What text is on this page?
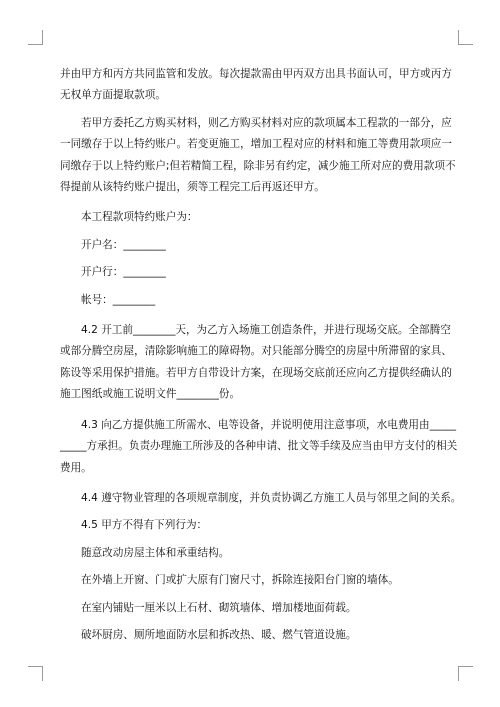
并由甲方和丙方共同监管和发放。每次提款需由甲丙双方出具书面认可，甲方或丙方

无权单方面提取款项。

若甲方委托乙方购买材料，则乙方购买材料对应的款项属本工程款的一部分，应

一同缴存于以上特约账户。若变更施工，增加工程对应的材料和施工等费用款项应一

同缴存于以上特约账户;但若精简工程，除非另有约定，减少施工所对应的费用款项不

得提前从该特约账户提出，须等工程完工后再返还甲方。

本工程款项特约账户为：

开户名：________

开户行：________

帐号：________

4.2 开工前________天，为乙方入场施工创造条件，并进行现场交底。全部腾空

或部分腾空房屋，清除影响施工的障碍物。对只能部分腾空的房屋中所滞留的家具、

陈设等采用保护措施。若甲方自带设计方案，在现场交底前还应向乙方提供经确认的

施工图纸或施工说明文件________份。

4.3 向乙方提供施工所需水、电等设备，并说明使用注意事项，水电费用由_____

_____方承担。负责办理施工所涉及的各种申请、批文等手续及应当由甲方支付的相关

费用。

4.4 遵守物业管理的各项规章制度，并负责协调乙方施工人员与邻里之间的关系。

4.5 甲方不得有下列行为：

随意改动房屋主体和承重结构。

在外墙上开窗、门或扩大原有门窗尺寸，拆除连接阳台门窗的墙体。

在室内铺贴一厘米以上石材、砌筑墙体、增加楼地面荷载。

破坏厨房、厕所地面防水层和拆改热、暖、燃气管道设施。
